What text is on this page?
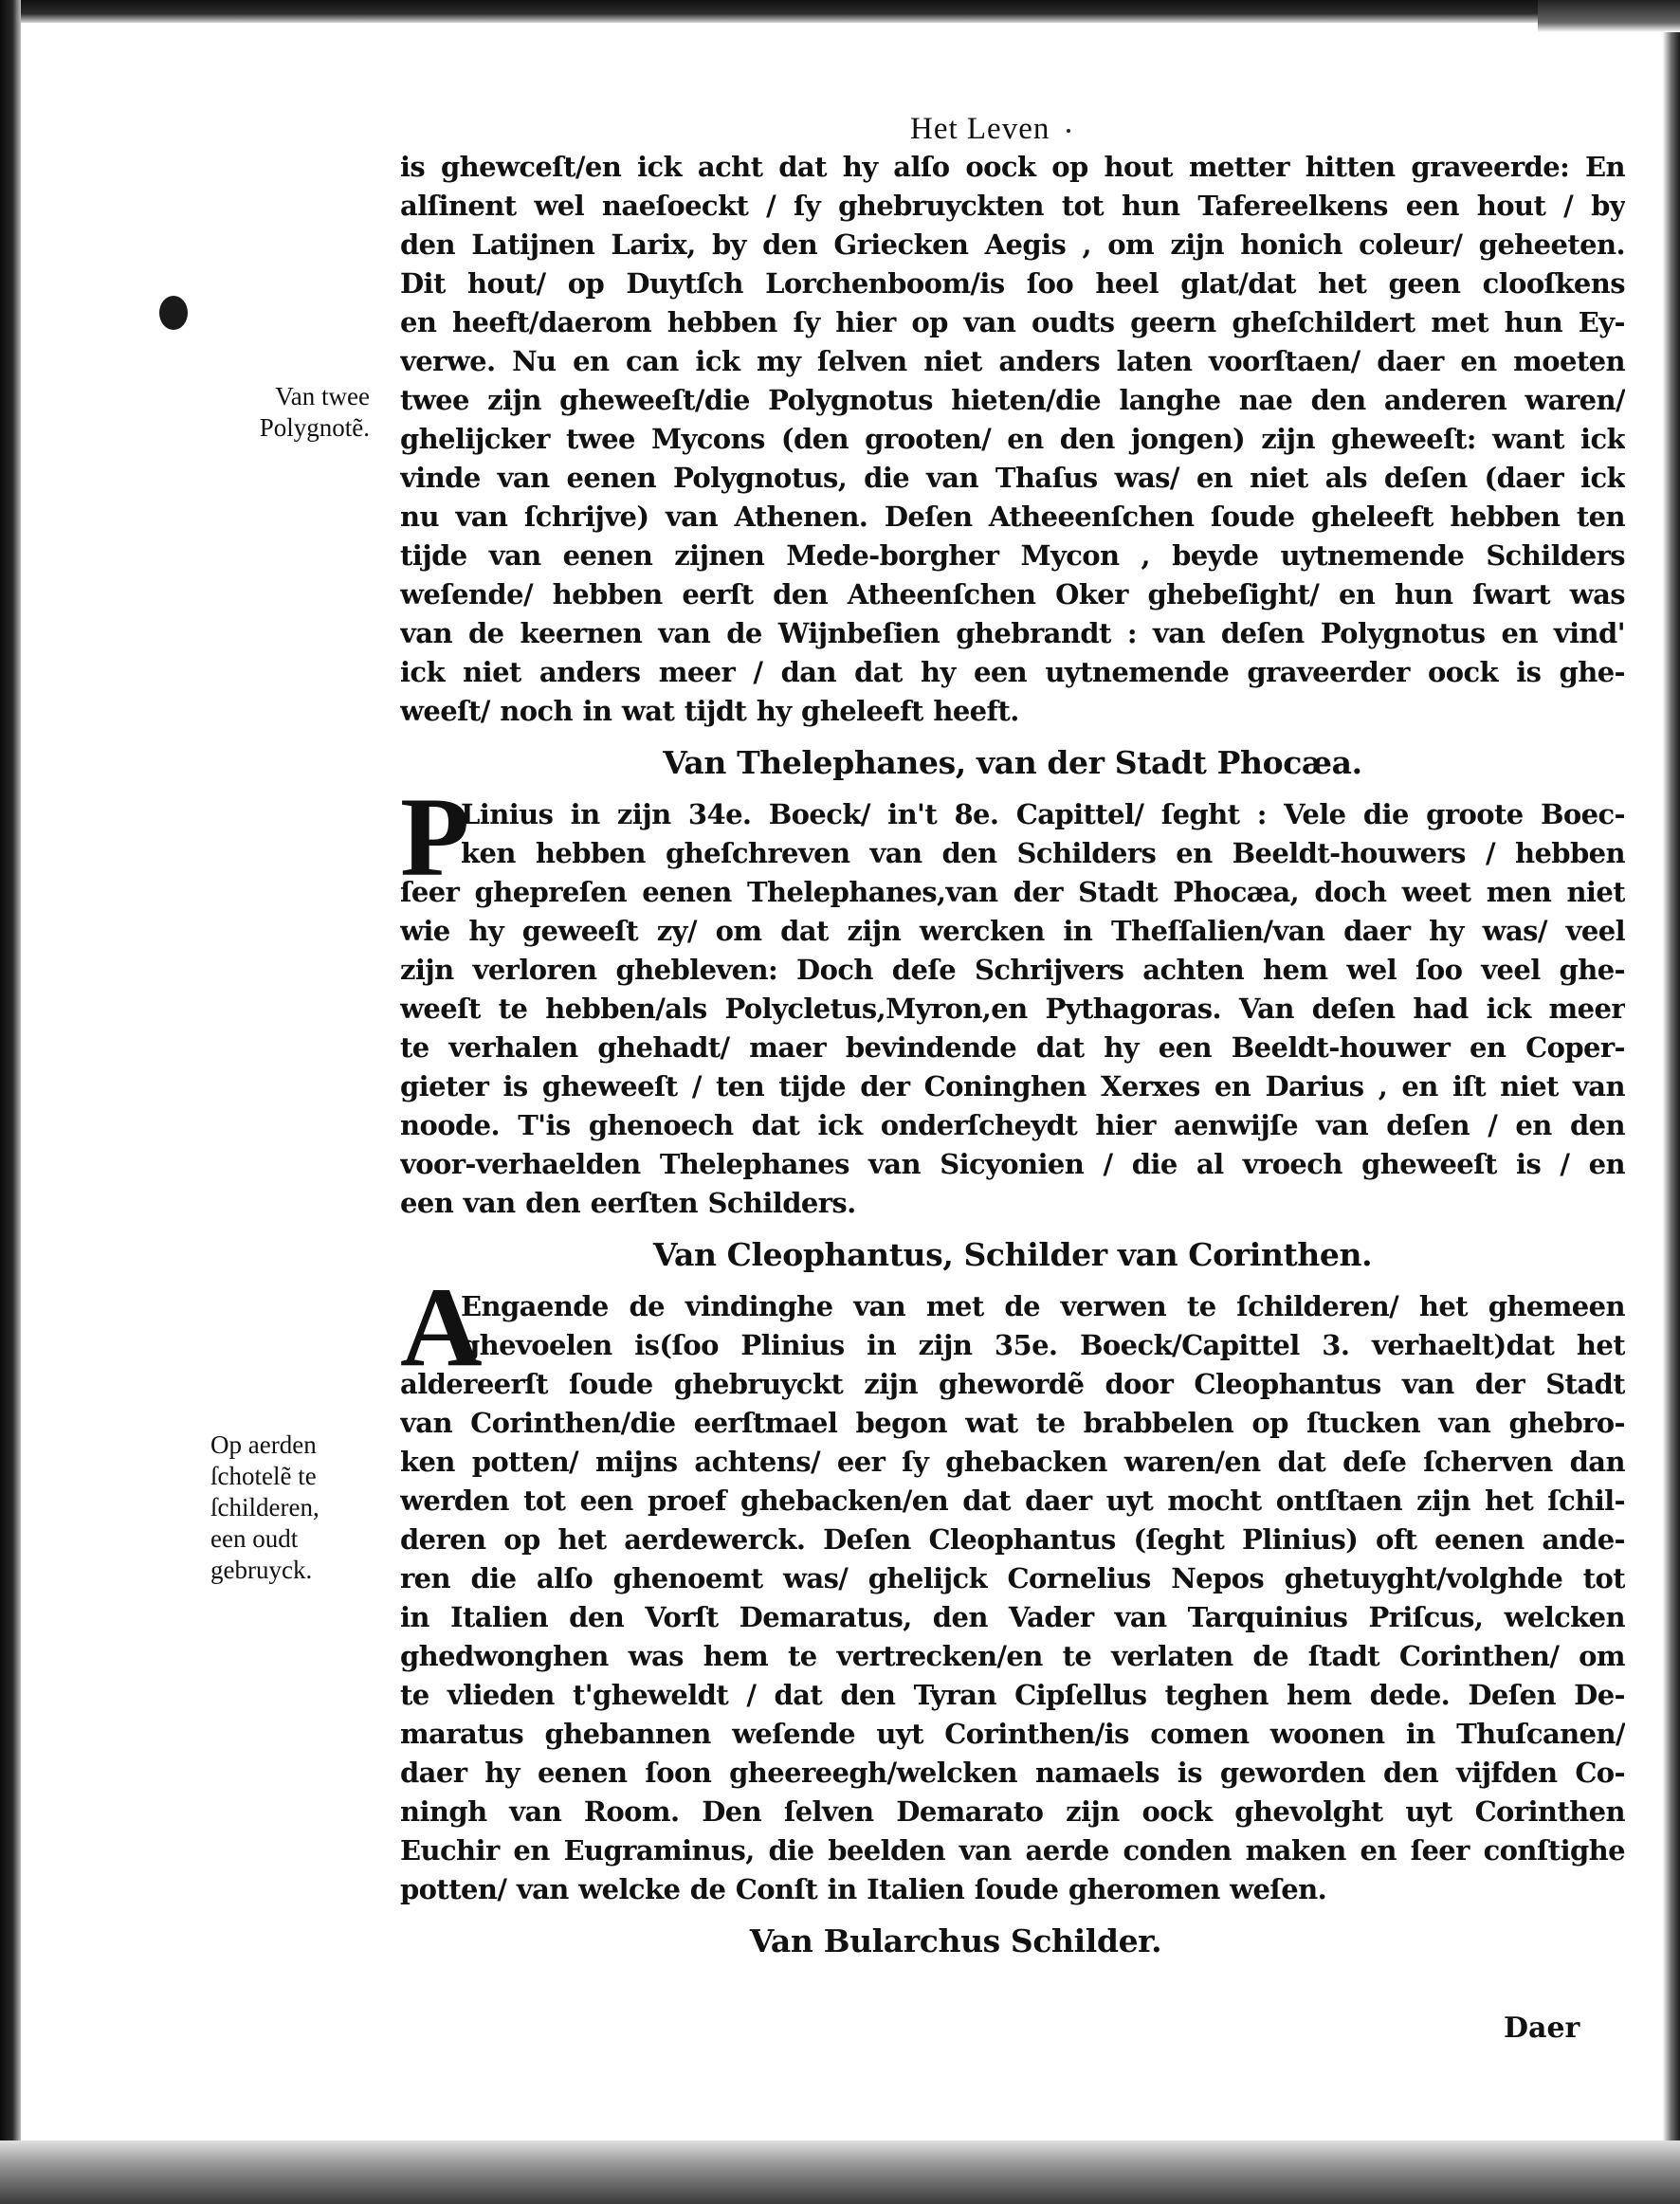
Het Leven
Van twee
Polygnotẽ.
Op aerden
ſchotelẽ te
ſchilderen,
een oudt
gebruyck.
is ghewceſt/en ick acht dat hy alſo oock op hout metter hitten graveerde: En
alſinent wel naeſoeckt / ſy ghebruyckten tot hun Tafereelkens een hout / by
den Latijnen Larix, by den Griecken Aegis , om zijn honich coleur/ geheeten.
Dit hout/ op Duytſch Lorchenboom/is ſoo heel glat/dat het geen clooſkens
en heeft/daerom hebben ſy hier op van oudts geern gheſchildert met hun Ey-
verwe. Nu en can ick my ſelven niet anders laten voorſtaen/ daer en moeten
twee zijn gheweeſt/die Polygnotus hieten/die langhe nae den anderen waren/
ghelijcker twee Mycons (den grooten/ en den jongen) zijn gheweeſt: want ick
vinde van eenen Polygnotus, die van Thaſus was/ en niet als deſen (daer ick
nu van ſchrijve) van Athenen. Deſen Atheeenſchen ſoude gheleeft hebben ten
tijde van eenen zijnen Mede-borgher Mycon , beyde uytnemende Schilders
weſende/ hebben eerſt den Atheenſchen Oker ghebeſight/ en hun ſwart was
van de keernen van de Wijnbeſien ghebrandt : van deſen Polygnotus en vind'
ick niet anders meer / dan dat hy een uytnemende graveerder oock is ghe-
weeſt/ noch in wat tijdt hy gheleeft heeft.
Van Thelephanes, van der Stadt Phocæa.
P
Linius in zijn 34e. Boeck/ in't 8e. Capittel/ ſeght : Vele die groote Boec-
ken hebben gheſchreven van den Schilders en Beeldt-houwers / hebben
ſeer ghepreſen eenen Thelephanes,van der Stadt Phocæa, doch weet men niet
wie hy geweeſt zy/ om dat zijn wercken in Theſſalien/van daer hy was/ veel
zijn verloren ghebleven: Doch deſe Schrijvers achten hem wel ſoo veel ghe-
weeſt te hebben/als Polycletus,Myron,en Pythagoras. Van deſen had ick meer
te verhalen ghehadt/ maer bevindende dat hy een Beeldt-houwer en Coper-
gieter is gheweeſt / ten tijde der Coninghen Xerxes en Darius , en iſt niet van
noode. T'is ghenoech dat ick onderſcheydt hier aenwijſe van deſen / en den
voor-verhaelden Thelephanes van Sicyonien / die al vroech gheweeſt is / en
een van den eerſten Schilders.
Van Cleophantus, Schilder van Corinthen.
A
Engaende de vindinghe van met de verwen te ſchilderen/ het ghemeen
ghevoelen is(ſoo Plinius in zijn 35e. Boeck/Capittel 3. verhaelt)dat het
aldereerſt ſoude ghebruyckt zijn ghewordẽ door Cleophantus van der Stadt
van Corinthen/die eerſtmael begon wat te brabbelen op ſtucken van ghebro-
ken potten/ mijns achtens/ eer ſy ghebacken waren/en dat deſe ſcherven dan
werden tot een proef ghebacken/en dat daer uyt mocht ontſtaen zijn het ſchil-
deren op het aerdewerck. Deſen Cleophantus (ſeght Plinius) oft eenen ande-
ren die alſo ghenoemt was/ ghelijck Cornelius Nepos ghetuyght/volghde tot
in Italien den Vorſt Demaratus, den Vader van Tarquinius Priſcus, welcken
ghedwonghen was hem te vertrecken/en te verlaten de ſtadt Corinthen/ om
te vlieden t'gheweldt / dat den Tyran Cipſellus teghen hem dede. Deſen De-
maratus ghebannen weſende uyt Corinthen/is comen woonen in Thuſcanen/
daer hy eenen ſoon gheereegh/welcken namaels is geworden den vijfden Co-
ningh van Room. Den ſelven Demarato zijn oock ghevolght uyt Corinthen
Euchir en Eugraminus, die beelden van aerde conden maken en ſeer conſtighe
potten/ van welcke de Conſt in Italien ſoude gheromen weſen.
Van Bularchus Schilder.
Daer
